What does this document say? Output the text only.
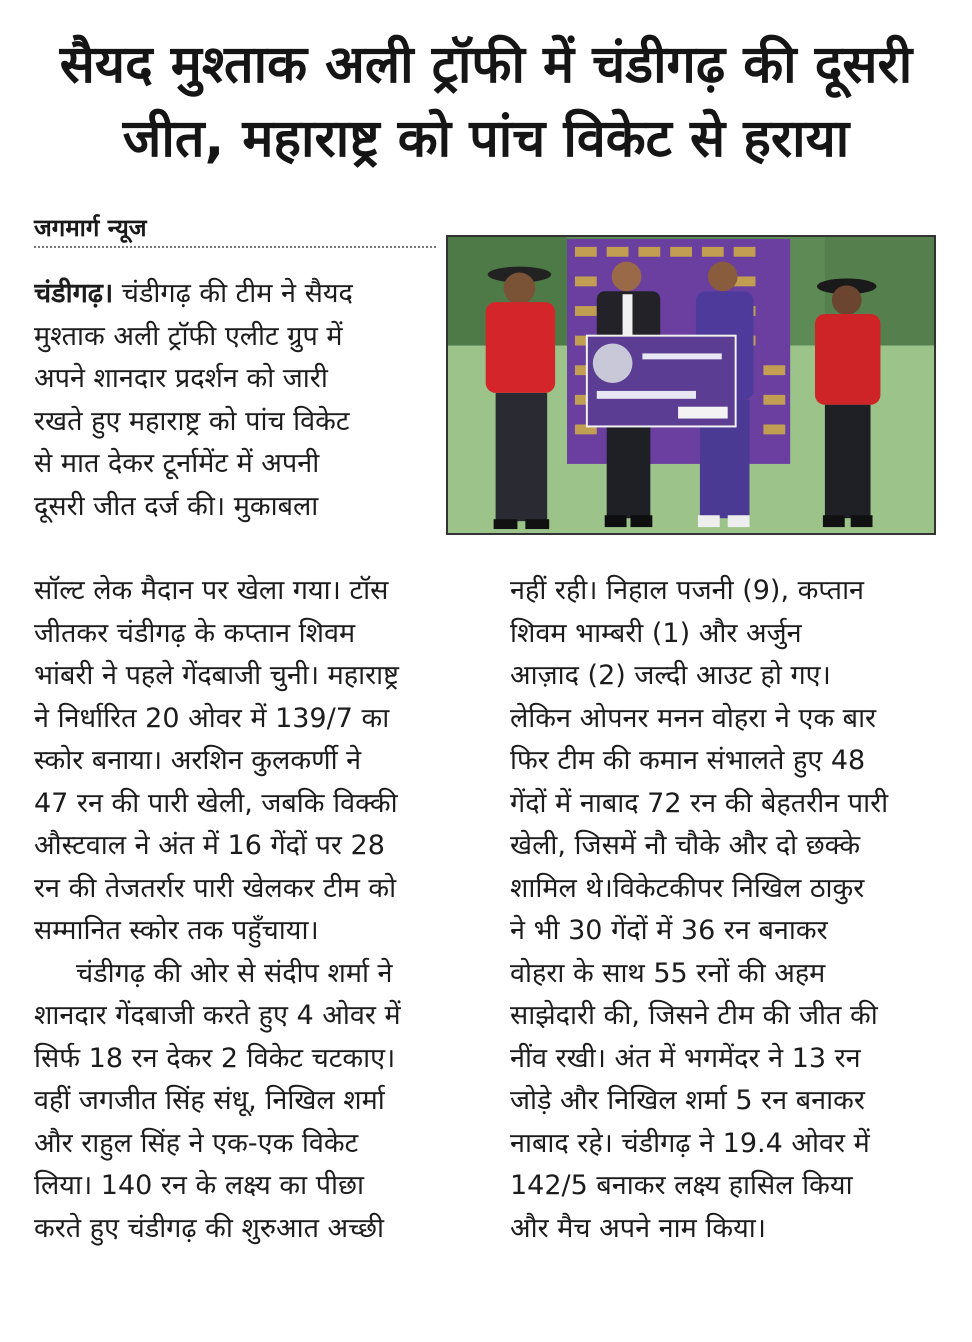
सैयद मुश्ताक अली ट्रॉफी में चंडीगढ़ की दूसरी
जीत, महाराष्ट्र को पांच विकेट से हराया
जगमार्ग न्यूज

चंडीगढ़। चंडीगढ़ की टीम ने सैयद

मुश्ताक अली ट्रॉफी एलीट ग्रुप में

अपने शानदार प्रदर्शन को जारी

रखते हुए महाराष्ट्र को पांच विकेट

से मात देकर टूर्नामेंट में अपनी

दूसरी जीत दर्ज की। मुकाबला

सॉल्ट लेक मैदान पर खेला गया। टॉस

जीतकर चंडीगढ़ के कप्तान शिवम

भांबरी ने पहले गेंदबाजी चुनी। महाराष्ट्र

ने निर्धारित 20 ओवर में 139/7 का

स्कोर बनाया। अरशिन कुलकर्णी ने

47 रन की पारी खेली, जबकि विक्की

औस्टवाल ने अंत में 16 गेंदों पर 28

रन की तेजतर्रार पारी खेलकर टीम को

सम्मानित स्कोर तक पहुँचाया।

चंडीगढ़ की ओर से संदीप शर्मा ने

शानदार गेंदबाजी करते हुए 4 ओवर में

सिर्फ 18 रन देकर 2 विकेट चटकाए।

वहीं जगजीत सिंह संधू, निखिल शर्मा

और राहुल सिंह ने एक-एक विकेट

लिया। 140 रन के लक्ष्य का पीछा

करते हुए चंडीगढ़ की शुरुआत अच्छी

नहीं रही। निहाल पजनी (9), कप्तान

शिवम भाम्बरी (1) और अर्जुन

आज़ाद (2) जल्दी आउट हो गए।

लेकिन ओपनर मनन वोहरा ने एक बार

फिर टीम की कमान संभालते हुए 48

गेंदों में नाबाद 72 रन की बेहतरीन पारी

खेली, जिसमें नौ चौके और दो छक्के

शामिल थे।विकेटकीपर निखिल ठाकुर

ने भी 30 गेंदों में 36 रन बनाकर

वोहरा के साथ 55 रनों की अहम

साझेदारी की, जिसने टीम की जीत की

नींव रखी। अंत में भगमेंदर ने 13 रन

जोड़े और निखिल शर्मा 5 रन बनाकर

नाबाद रहे। चंडीगढ़ ने 19.4 ओवर में

142/5 बनाकर लक्ष्य हासिल किया

और मैच अपने नाम किया।
